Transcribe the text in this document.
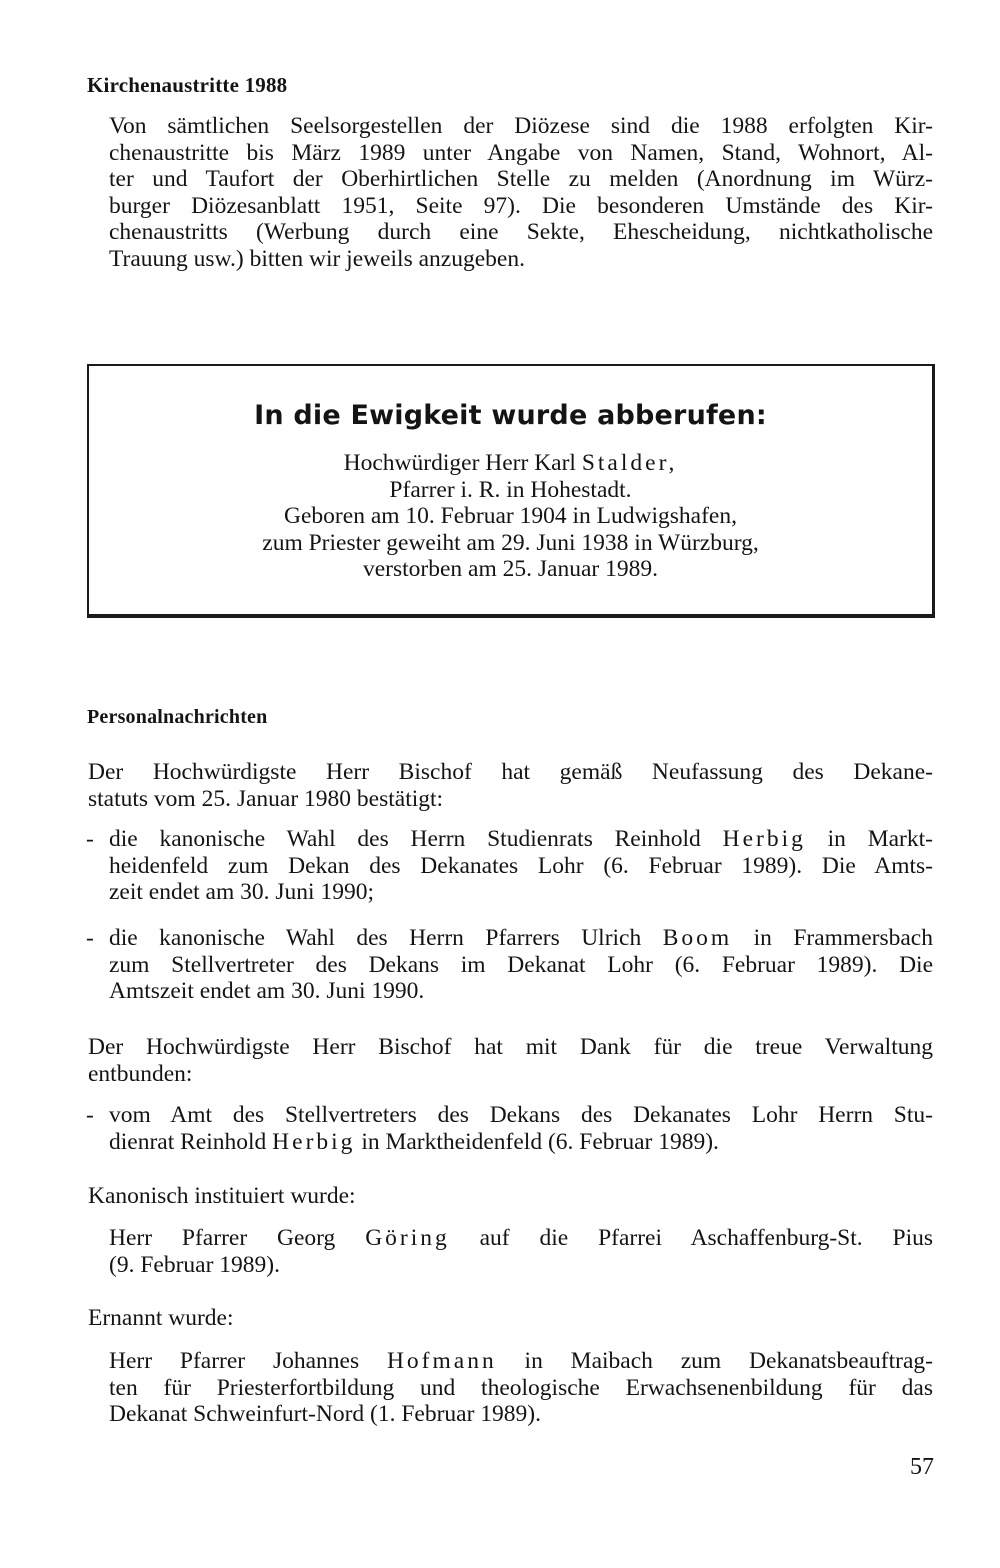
Kirchenaustritte 1988
Von sämtlichen Seelsorgestellen der Diözese sind die 1988 erfolgten Kir-
chenaustritte bis März 1989 unter Angabe von Namen, Stand, Wohnort, Al-
ter und Taufort der Oberhirtlichen Stelle zu melden (Anordnung im Würz-
burger Diözesanblatt 1951, Seite 97). Die besonderen Umstände des Kir-
chenaustritts (Werbung durch eine Sekte, Ehescheidung, nichtkatholische
Trauung usw.) bitten wir jeweils anzugeben.
In die Ewigkeit wurde abberufen:
Hochwürdiger Herr Karl Stalder,
Pfarrer i. R. in Hohestadt.
Geboren am 10. Februar 1904 in Ludwigshafen,
zum Priester geweiht am 29. Juni 1938 in Würzburg,
verstorben am 25. Januar 1989.
Personalnachrichten
Der Hochwürdigste Herr Bischof hat gemäß Neufassung des Dekane-
statuts vom 25. Januar 1980 bestätigt:
- die kanonische Wahl des Herrn Studienrats Reinhold Herbig in Markt-
heidenfeld zum Dekan des Dekanates Lohr (6. Februar 1989). Die Amts-
zeit endet am 30. Juni 1990;
- die kanonische Wahl des Herrn Pfarrers Ulrich Boom in Frammersbach
zum Stellvertreter des Dekans im Dekanat Lohr (6. Februar 1989). Die
Amtszeit endet am 30. Juni 1990.
Der Hochwürdigste Herr Bischof hat mit Dank für die treue Verwaltung
entbunden:
- vom Amt des Stellvertreters des Dekans des Dekanates Lohr Herrn Stu-
dienrat Reinhold Herbig in Marktheidenfeld (6. Februar 1989).
Kanonisch instituiert wurde:
Herr Pfarrer Georg Göring auf die Pfarrei Aschaffenburg-St. Pius
(9. Februar 1989).
Ernannt wurde:
Herr Pfarrer Johannes Hofmann in Maibach zum Dekanatsbeauftrag-
ten für Priesterfortbildung und theologische Erwachsenenbildung für das
Dekanat Schweinfurt-Nord (1. Februar 1989).
57
